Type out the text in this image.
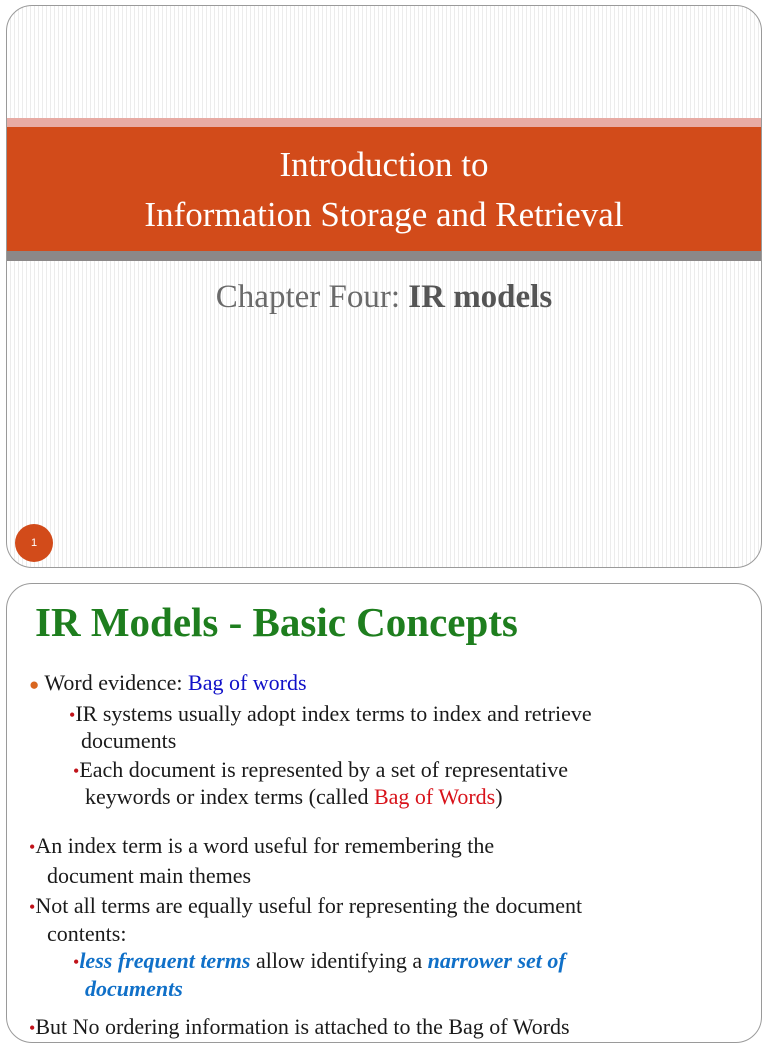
Introduction to
Information Storage and Retrieval
Chapter Four: IR models
1
IR Models - Basic Concepts
● Word evidence: Bag of words
•IR systems usually adopt index terms to index and retrieve
documents
•Each document is represented by a set of representative
keywords or index terms (called Bag of Words)
•An index term is a word useful for remembering the
document main themes
•Not all terms are equally useful for representing the document
contents:
•less frequent terms allow identifying a narrower set of
documents
•But No ordering information is attached to the Bag of Words
